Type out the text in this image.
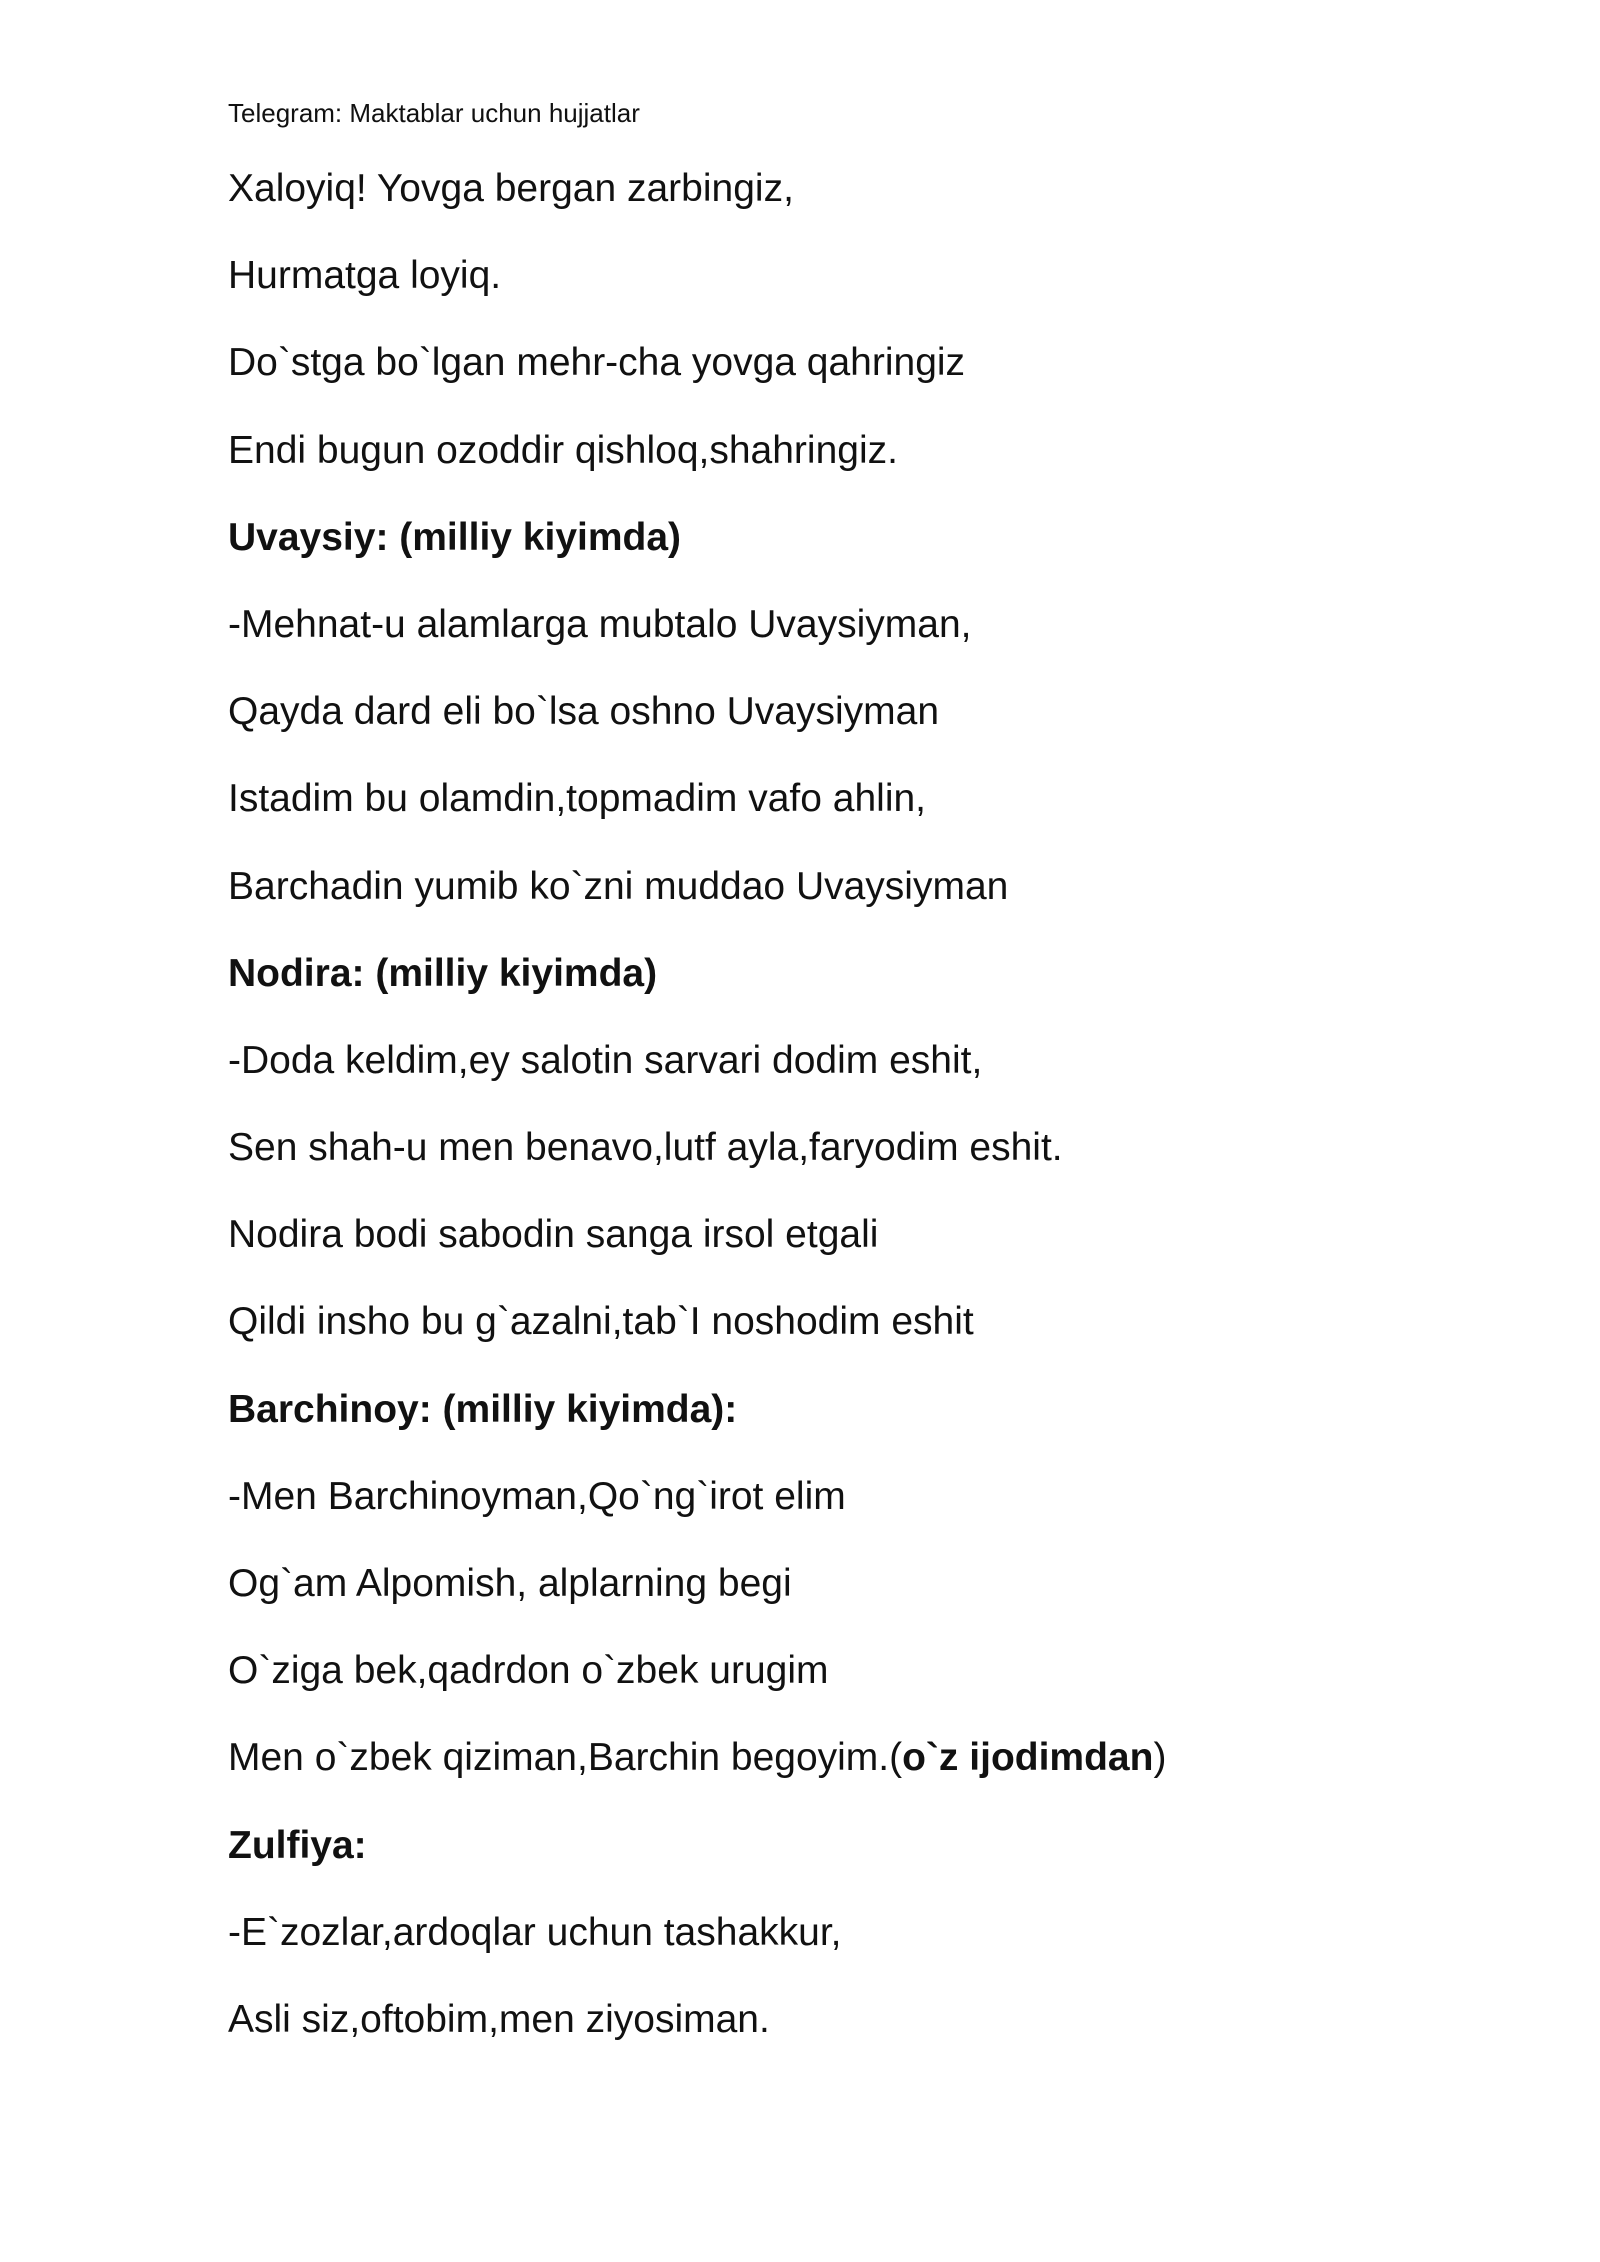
Telegram: Maktablar uchun hujjatlar
Xaloyiq! Yovga bergan zarbingiz,
Hurmatga loyiq.
Do`stga bo`lgan mehr-cha yovga qahringiz
Endi bugun ozoddir qishloq,shahringiz.
Uvaysiy: (milliy kiyimda)
-Mehnat-u alamlarga mubtalo Uvaysiyman,
Qayda dard eli bo`lsa oshno Uvaysiyman
Istadim bu olamdin,topmadim vafo ahlin,
Barchadin yumib ko`zni muddao Uvaysiyman
Nodira: (milliy kiyimda)
-Doda keldim,ey salotin sarvari dodim eshit,
Sen shah-u men benavo,lutf ayla,faryodim eshit.
Nodira bodi sabodin sanga irsol etgali
Qildi insho bu g`azalni,tab`I noshodim eshit
Barchinoy: (milliy kiyimda):
-Men Barchinoyman,Qo`ng`irot elim
Og`am Alpomish, alplarning begi
O`ziga bek,qadrdon o`zbek urugim
Men o`zbek qiziman,Barchin begoyim.(o`z ijodimdan)
Zulfiya:
-E`zozlar,ardoqlar uchun tashakkur,
Asli siz,oftobim,men ziyosiman.
